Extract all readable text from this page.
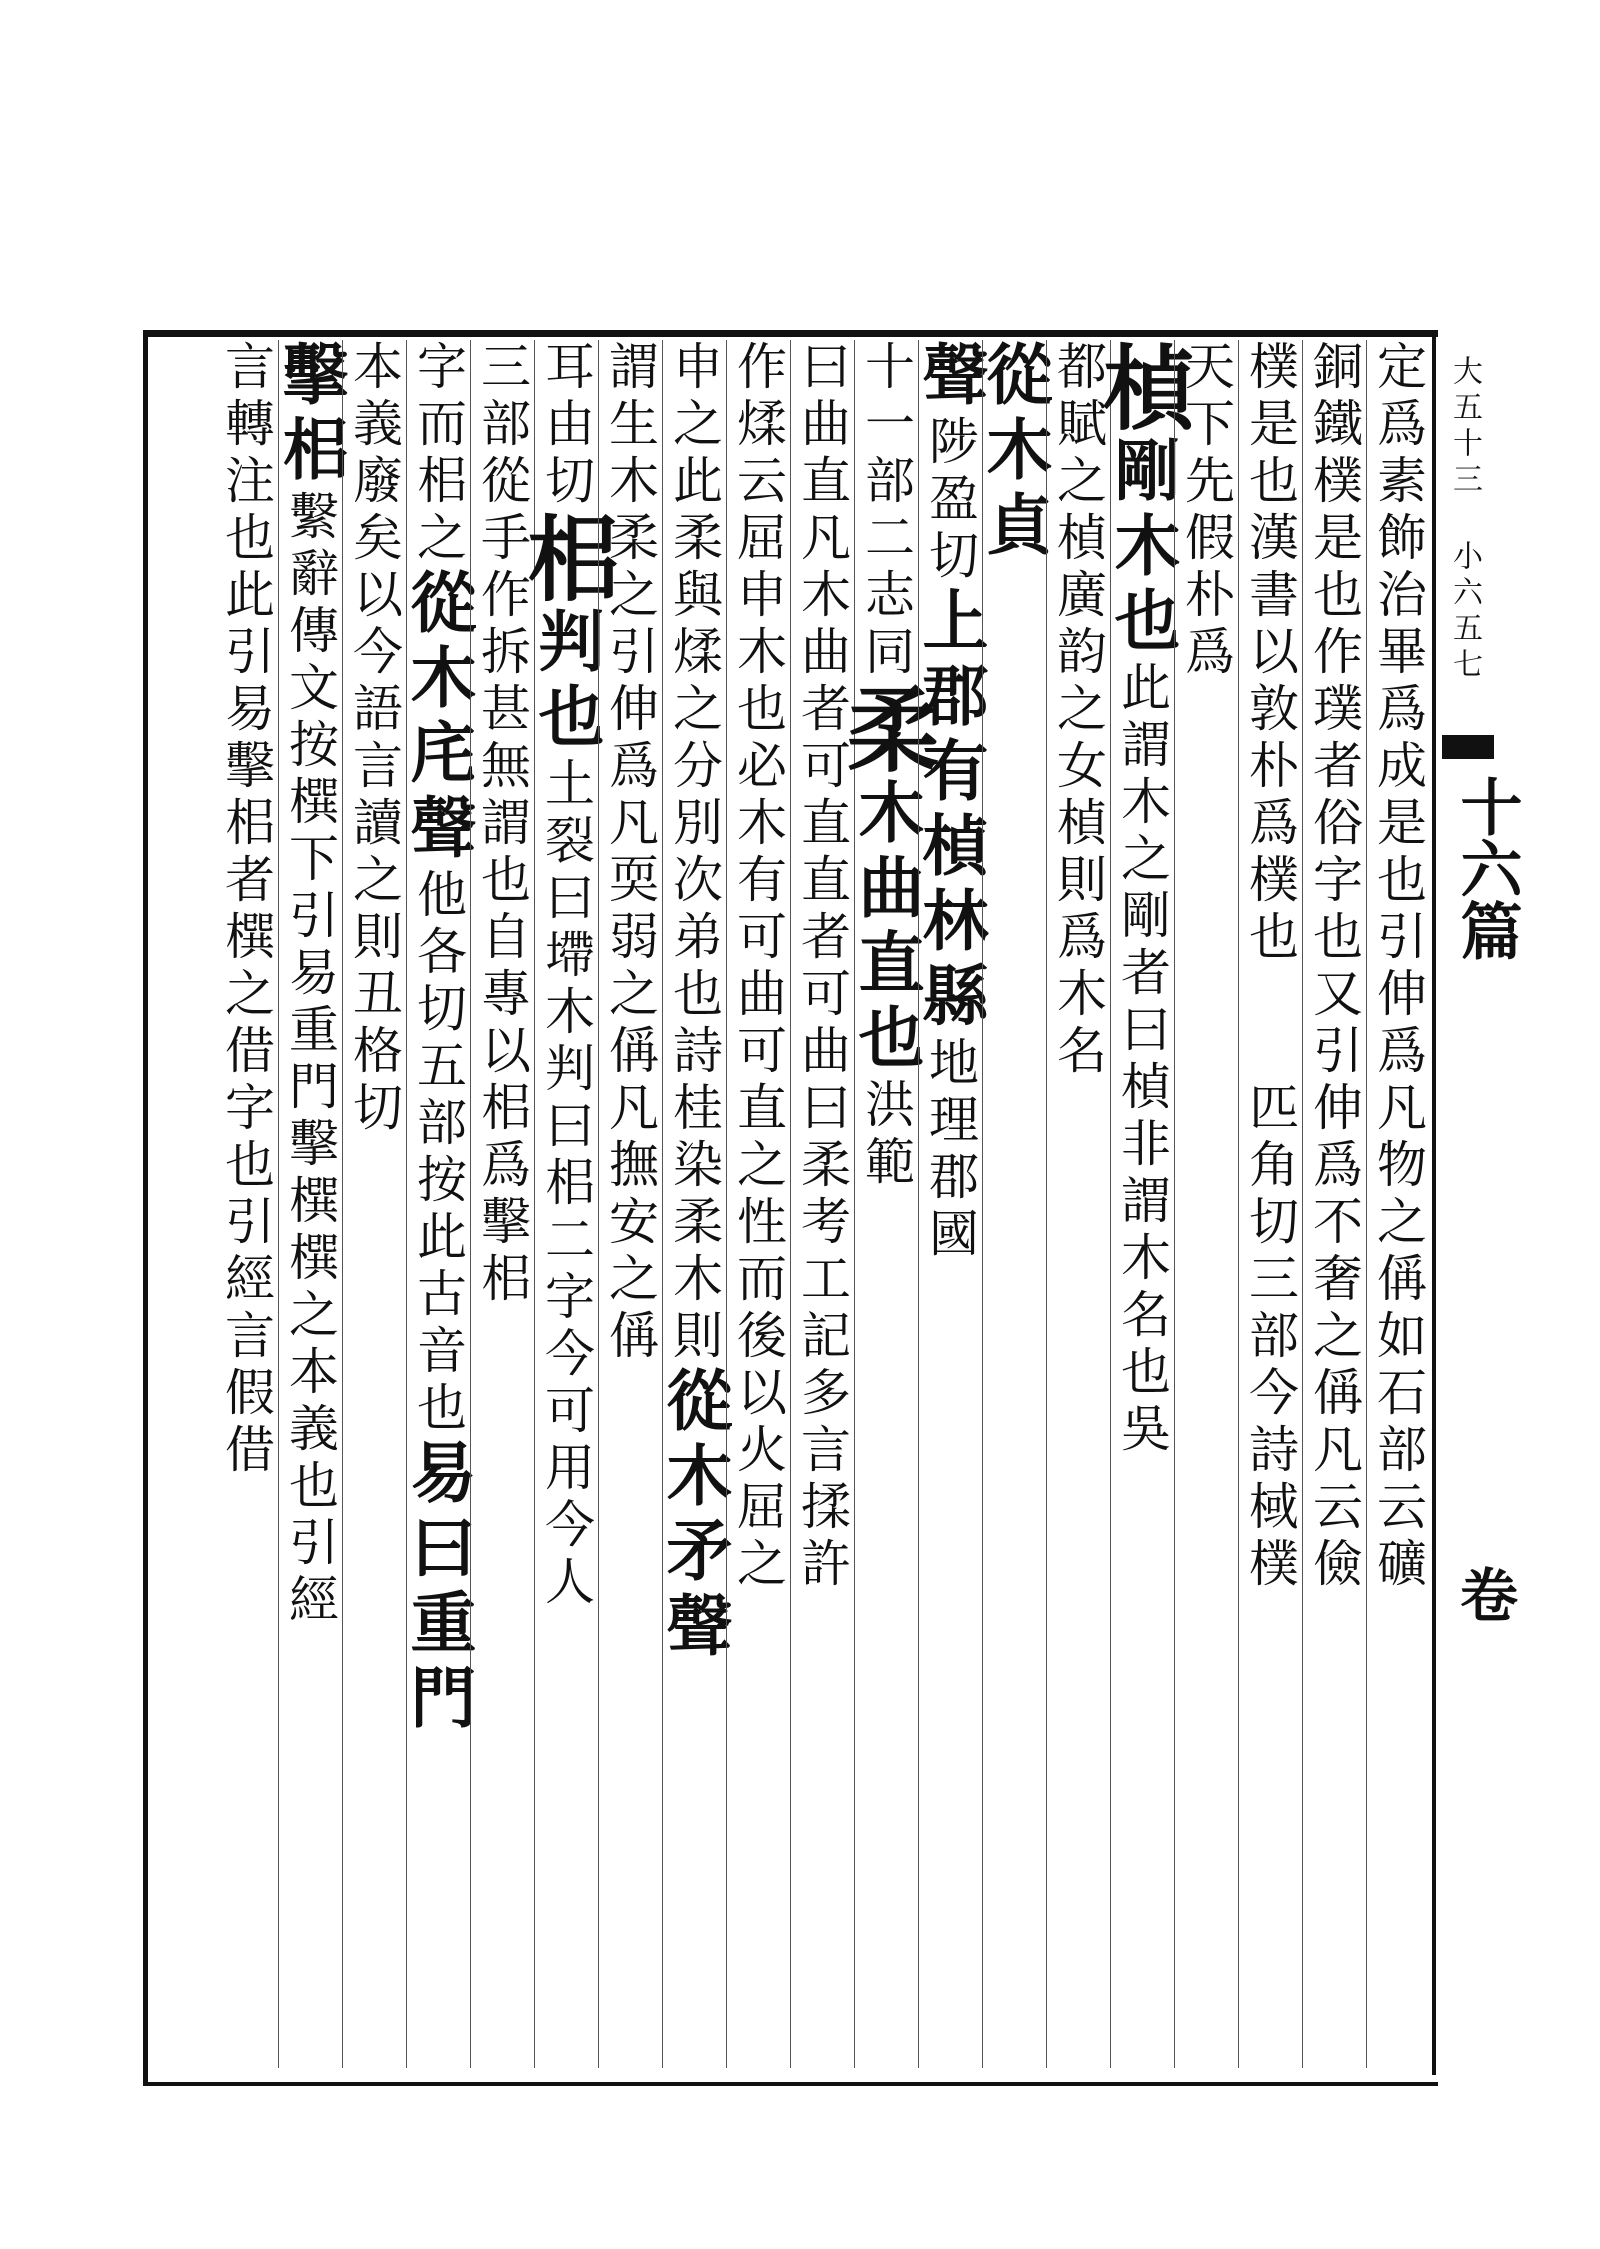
大五十三 小六五七
十六篇
卷
定爲素飾治畢爲成是也引伸爲凡物之偁如石部云礦
銅鐵樸是也作璞者俗字也又引伸爲不奢之偁凡云儉
樸是也漢書以敦朴爲樸也　　匹角切三部今詩棫樸
天下先假朴爲
楨剛木也此謂木之剛者曰楨非謂木名也吳
都賦之楨廣韵之女楨則爲木名
從木貞
聲陟盈切上郡有楨林縣地理郡國
十一部二志同柔木曲直也洪範
曰曲直凡木曲者可直直者可曲曰柔考工記多言揉許
作煣云屈申木也必木有可曲可直之性而後以火屈之
申之此柔與煣之分別次弟也詩桂染柔木則從木矛聲
謂生木柔之引伸爲凡耎弱之偁凡撫安之偁
耳由切㭒判也土裂曰墆木判曰㭒二字今可用今人
三部從手作拆甚無謂也自專以㭒爲擊㭒
字而㭒之從木㡯聲他各切五部按此古音也易曰重門
本義廢矣以今語言讀之則丑格切
擊㭒繫辭傳文按㯢下引易重門擊㯢㯢之本義也引經
言轉注也此引易擊㭒者㯢之借字也引經言假借
